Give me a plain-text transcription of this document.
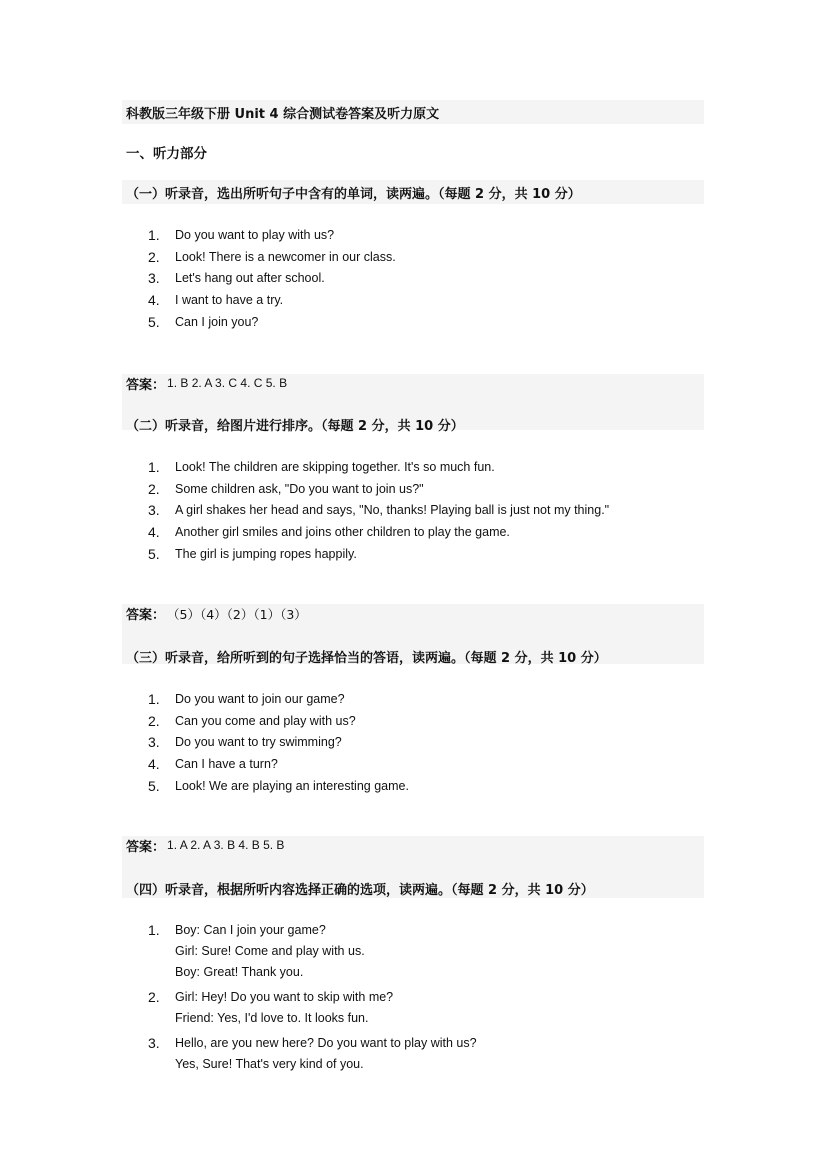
科教版三年级下册 Unit 4 综合测试卷答案及听力原文
一、听力部分
（一）听录音，选出所听句子中含有的单词，读两遍。（每题 2 分，共 10 分）
1.	Do you want to play with us?
2.	Look! There is a newcomer in our class.
3.	Let's hang out after school.
4.	I want to have a try.
5.	Can I join you?
答案： 1. B 2. A 3. C 4. C 5. B
（二）听录音，给图片进行排序。（每题 2 分，共 10 分）
1.	Look! The children are skipping together. It's so much fun.
2.	Some children ask, "Do you want to join us?"
3.	A girl shakes her head and says, "No, thanks! Playing ball is just not my thing."
4.	Another girl smiles and joins other children to play the game.
5.	The girl is jumping ropes happily.
答案： （5）（4）（2）（1）（3）
（三）听录音，给所听到的句子选择恰当的答语，读两遍。（每题 2 分，共 10 分）
1.	Do you want to join our game?
2.	Can you come and play with us?
3.	Do you want to try swimming?
4.	Can I have a turn?
5.	Look! We are playing an interesting game.
答案： 1. A 2. A 3. B 4. B 5. B
（四）听录音，根据所听内容选择正确的选项，读两遍。（每题 2 分，共 10 分）
1.	Boy: Can I join your game?
Girl: Sure! Come and play with us.
Boy: Great! Thank you.
2.	Girl: Hey! Do you want to skip with me?
Friend: Yes, I'd love to. It looks fun.
3.	Hello, are you new here? Do you want to play with us?
Yes, Sure! That's very kind of you.
